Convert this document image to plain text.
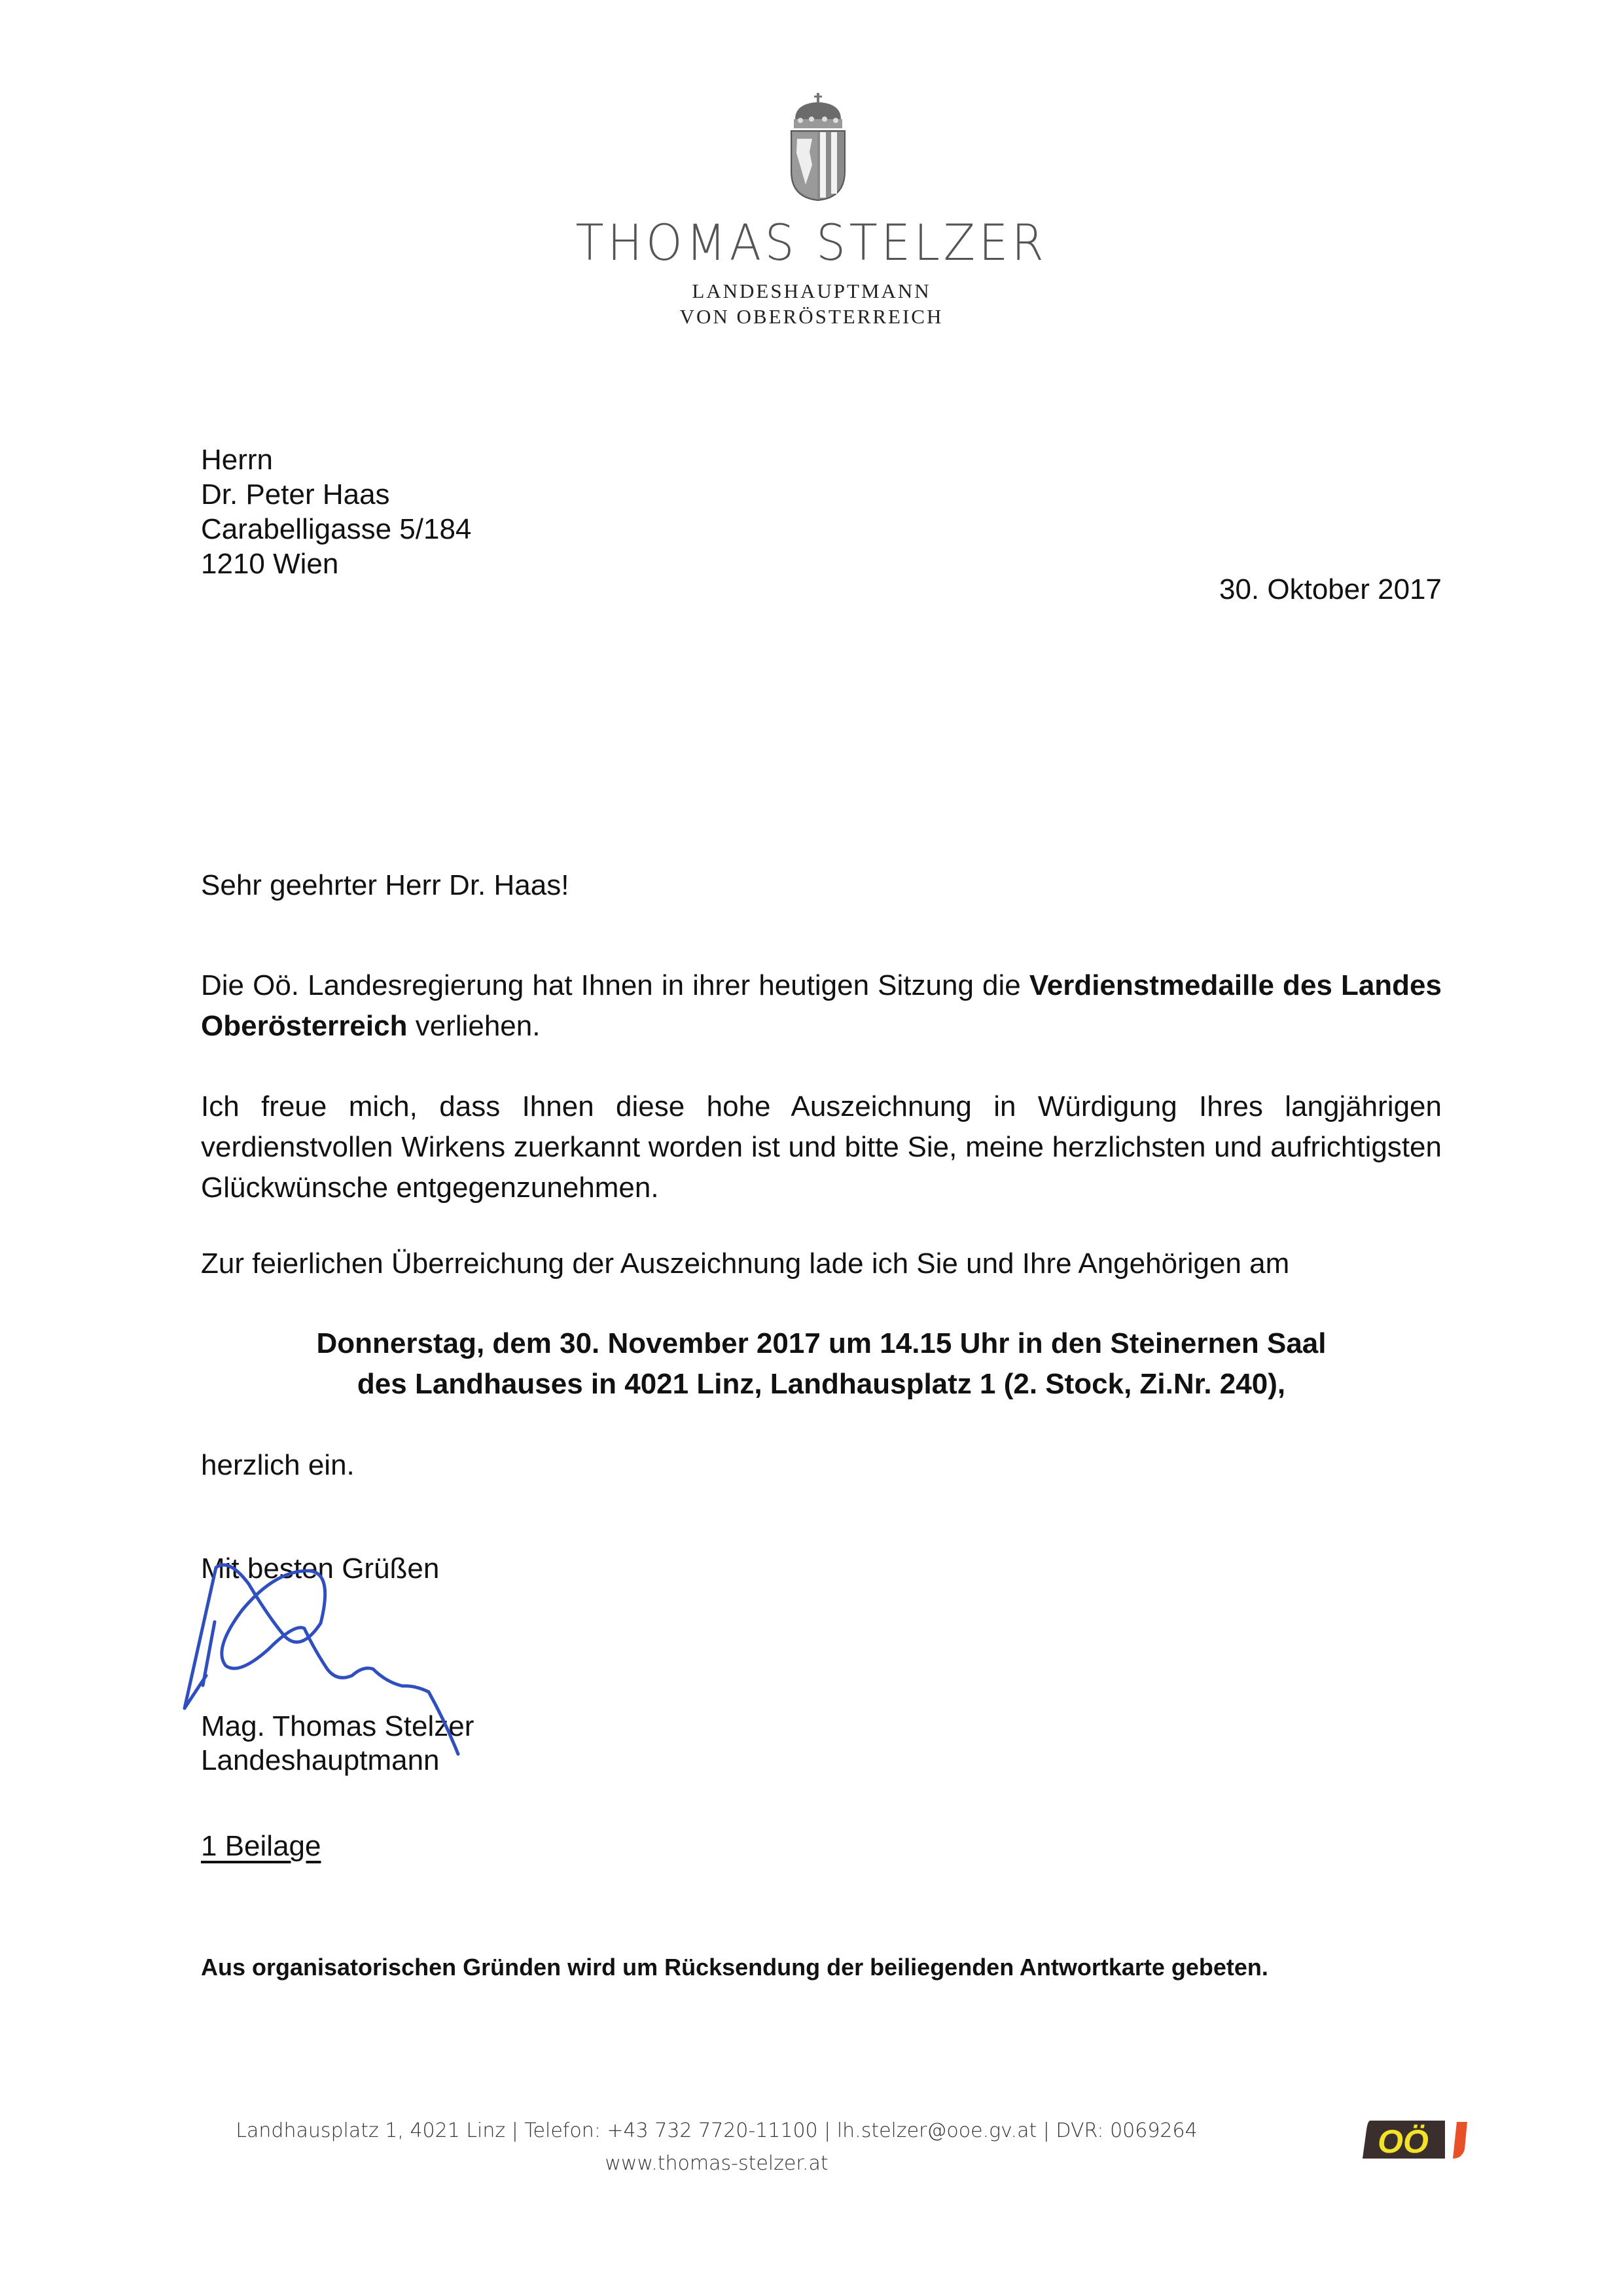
THOMAS STELZER
LANDESHAUPTMANN
VON OBERÖSTERREICH
Herrn
Dr. Peter Haas
Carabelligasse 5/184
1210 Wien
30. Oktober 2017
Sehr geehrter Herr Dr. Haas!
Die Oö. Landesregierung hat Ihnen in ihrer heutigen Sitzung die Verdienstmedaille des Landes Oberösterreich verliehen.
Ich freue mich, dass Ihnen diese hohe Auszeichnung in Würdigung Ihres langjährigen verdienstvollen Wirkens zuerkannt worden ist und bitte Sie, meine herzlichsten und aufrichtigsten Glückwünsche entgegenzunehmen.
Zur feierlichen Überreichung der Auszeichnung lade ich Sie und Ihre Angehörigen am
Donnerstag, dem 30. November 2017 um 14.15 Uhr in den Steinernen Saal
des Landhauses in 4021 Linz, Landhausplatz 1 (2. Stock, Zi.Nr. 240),
herzlich ein.
Mit besten Grüßen
Mag. Thomas Stelzer
Landeshauptmann
1 Beilage
Aus organisatorischen Gründen wird um Rücksendung der beiliegenden Antwortkarte gebeten.
Landhausplatz 1, 4021 Linz | Telefon: +43 732 7720-11100 | lh.stelzer@ooe.gv.at | DVR: 0069264
www.thomas-stelzer.at
OÖ
